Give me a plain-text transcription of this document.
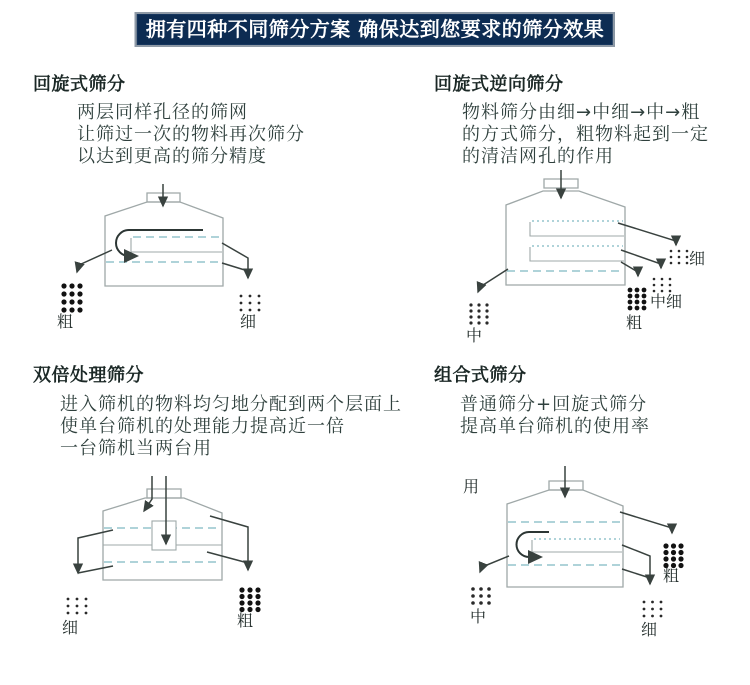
拥有四种不同筛分方案 确保达到您要求的筛分效果
回旋式筛分
两层同样孔径的筛网
让筛过一次的物料再次筛分
以达到更高的筛分精度
粗	细
回旋式逆向筛分
物料筛分由细→中细→中→粗
的方式筛分，粗物料起到一定
的清洁网孔的作用
细
中细
粗
中
双倍处理筛分
进入筛机的物料均匀地分配到两个层面上
使单台筛机的处理能力提高近一倍
一台筛机当两台用
细	粗
组合式筛分
普通筛分+回旋式筛分
提高单台筛机的使用率
用
粗
细
中
